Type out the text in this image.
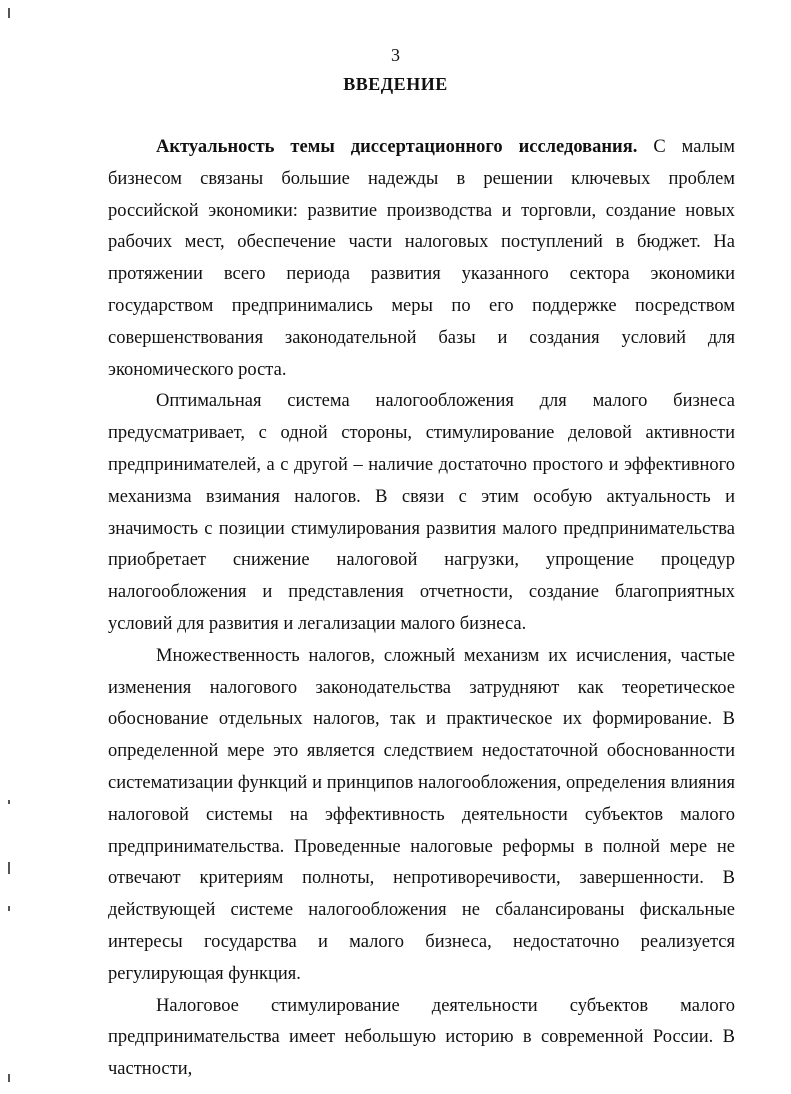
3
ВВЕДЕНИЕ

Актуальность темы диссертационного исследования. С малым бизнесом связаны большие надежды в решении ключевых проблем российской экономики: развитие производства и торговли, создание новых рабочих мест, обеспечение части налоговых поступлений в бюджет. На протяжении всего периода развития указанного сектора экономики государством предпринимались меры по его поддержке посредством совершенствования законодательной базы и создания условий для экономического роста.

Оптимальная система налогообложения для малого бизнеса предусматривает, с одной стороны, стимулирование деловой активности предпринимателей, а с другой – наличие достаточно простого и эффективного механизма взимания налогов. В связи с этим особую актуальность и значимость с позиции стимулирования развития малого предпринимательства приобретает снижение налоговой нагрузки, упрощение процедур налогообложения и представления отчетности, создание благоприятных условий для развития и легализации малого бизнеса.

Множественность налогов, сложный механизм их исчисления, частые изменения налогового законодательства затрудняют как теоретическое обоснование отдельных налогов, так и практическое их формирование. В определенной мере это является следствием недостаточной обоснованности систематизации функций и принципов налогообложения, определения влияния налоговой системы на эффективность деятельности субъектов малого предпринимательства. Проведенные налоговые реформы в полной мере не отвечают критериям полноты, непротиворечивости, завершенности. В действующей системе налогообложения не сбалансированы фискальные интересы государства и малого бизнеса, недостаточно реализуется регулирующая функция.

Налоговое стимулирование деятельности субъектов малого предпринимательства имеет небольшую историю в современной России. В частности,
